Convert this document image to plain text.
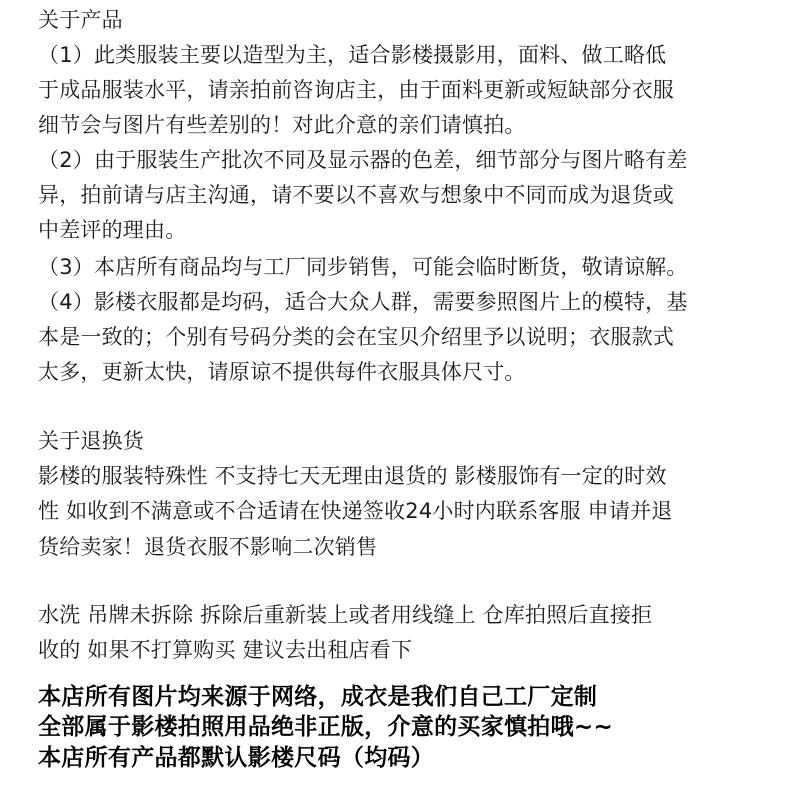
关于产品
（1）此类服装主要以造型为主，适合影楼摄影用，面料、做工略低
于成品服装水平，请亲拍前咨询店主，由于面料更新或短缺部分衣服
细节会与图片有些差别的！对此介意的亲们请慎拍。
（2）由于服装生产批次不同及显示器的色差，细节部分与图片略有差
异，拍前请与店主沟通，请不要以不喜欢与想象中不同而成为退货或
中差评的理由。
（3）本店所有商品均与工厂同步销售，可能会临时断货，敬请谅解。
（4）影楼衣服都是均码，适合大众人群，需要参照图片上的模特，基
本是一致的；个别有号码分类的会在宝贝介绍里予以说明；衣服款式
太多，更新太快，请原谅不提供每件衣服具体尺寸。
关于退换货
影楼的服装特殊性 不支持七天无理由退货的 影楼服饰有一定的时效
性 如收到不满意或不合适请在快递签收24小时内联系客服 申请并退
货给卖家！退货衣服不影响二次销售
水洗 吊牌未拆除 拆除后重新装上或者用线缝上 仓库拍照后直接拒
收的 如果不打算购买 建议去出租店看下
本店所有图片均来源于网络，成衣是我们自己工厂定制
全部属于影楼拍照用品绝非正版，介意的买家慎拍哦~~
本店所有产品都默认影楼尺码（均码）
